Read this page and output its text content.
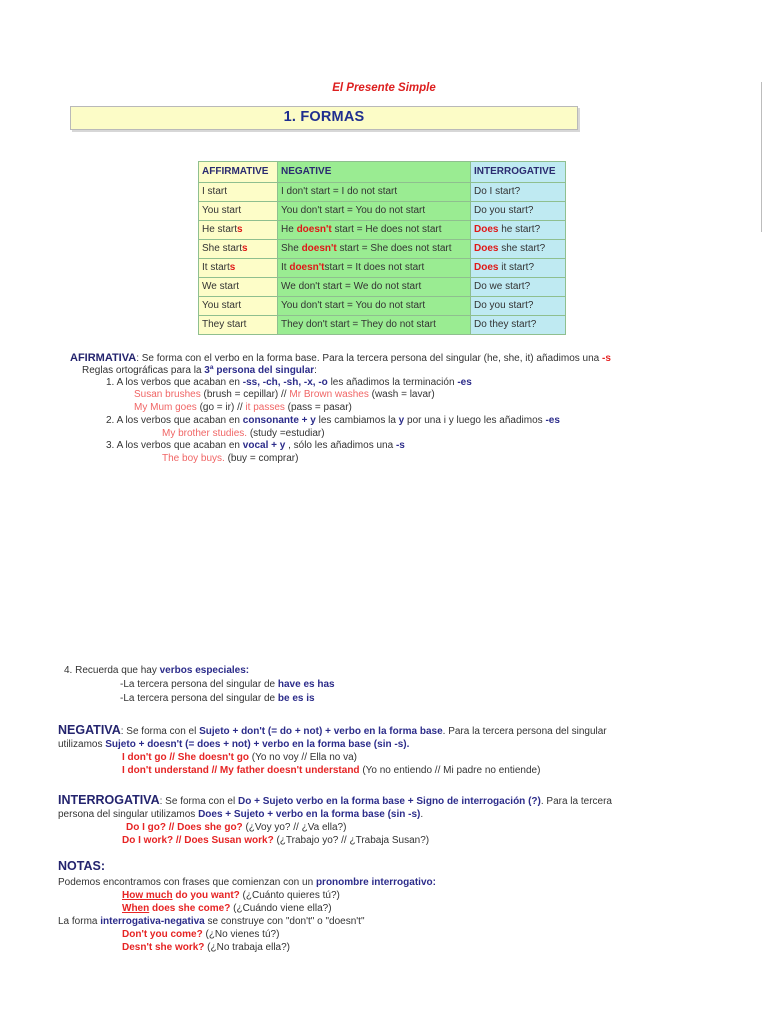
El Presente Simple
1. FORMAS
AFFIRMATIVE	NEGATIVE	INTERROGATIVE
I start	I don't start = I do not start	Do I start?
You start	You don't start = You do not start	Do you start?
He starts	He doesn't start = He does not start	Does he start?
She starts	She doesn't start = She does not start	Does she start?
It starts	It doesn'tstart = It does not start	Does it start?
We start	We don't start = We do not start	Do we start?
You start	You don't start = You do not start	Do you start?
They start	They don't start = They do not start	Do they start?
AFIRMATIVA: Se forma con el verbo en la forma base. Para la tercera persona del singular (he, she, it) añadimos una -s
Reglas ortográficas para la 3ª persona del singular:
1. A los verbos que acaban en -ss, -ch, -sh, -x, -o les añadimos la terminación -es
Susan brushes (brush = cepillar) // Mr Brown washes (wash = lavar)
My Mum goes (go = ir) // it passes (pass = pasar)
2. A los verbos que acaban en consonante + y les cambiamos la y por una i y luego les añadimos -es
My brother studies. (study =estudiar)
3. A los verbos que acaban en vocal + y , sólo les añadimos una -s
The boy buys. (buy = comprar)
4. Recuerda que hay verbos especiales:
-La tercera persona del singular de have es has
-La tercera persona del singular de be es is
NEGATIVA: Se forma con el Sujeto + don't (= do + not) + verbo en la forma base. Para la tercera persona del singular
utilizamos Sujeto + doesn't (= does + not) + verbo en la forma base (sin -s).
I don't go // She doesn't go (Yo no voy // Ella no va)
I don't understand // My father doesn't understand (Yo no entiendo // Mi padre no entiende)
INTERROGATIVA: Se forma con el Do + Sujeto verbo en la forma base + Signo de interrogación (?). Para la tercera
persona del singular utilizamos Does + Sujeto + verbo en la forma base (sin -s).
Do I go? // Does she go? (¿Voy yo? // ¿Va ella?)
Do I work? // Does Susan work? (¿Trabajo yo? // ¿Trabaja Susan?)
NOTAS:
Podemos encontramos con frases que comienzan con un pronombre interrogativo:
How much do you want? (¿Cuánto quieres tú?)
When does she come? (¿Cuándo viene ella?)
La forma interrogativa-negativa se construye con "don't" o "doesn't"
Don't you come? (¿No vienes tú?)
Desn't she work? (¿No trabaja ella?)
